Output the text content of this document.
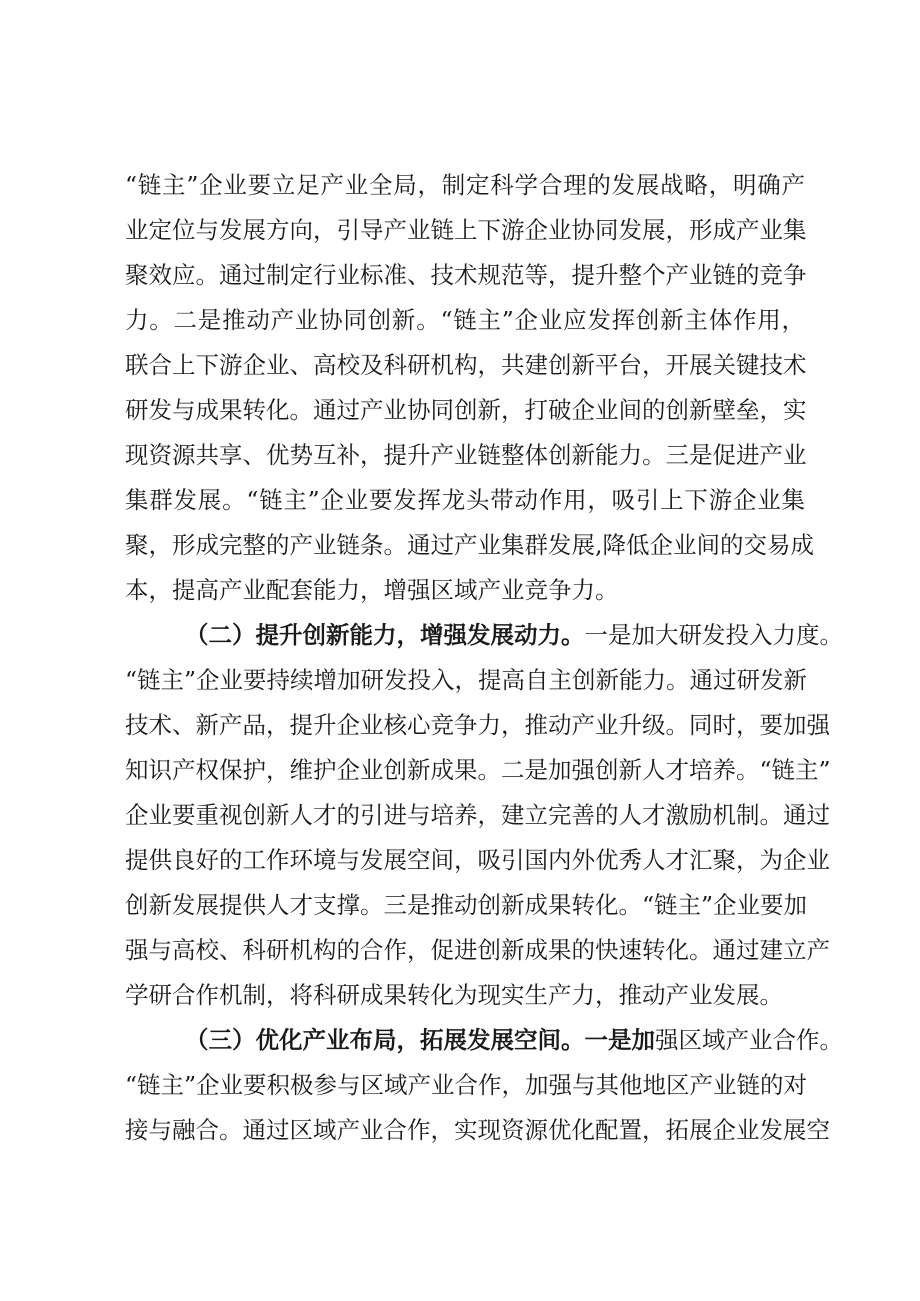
“链主”企业要立足产业全局，制定科学合理的发展战略，明确产
业定位与发展方向，引导产业链上下游企业协同发展，形成产业集
聚效应。通过制定行业标准、技术规范等，提升整个产业链的竞争
力。二是推动产业协同创新。“链主”企业应发挥创新主体作用，
联合上下游企业、高校及科研机构，共建创新平台，开展关键技术
研发与成果转化。通过产业协同创新，打破企业间的创新壁垒，实
现资源共享、优势互补，提升产业链整体创新能力。三是促进产业
集群发展。“链主”企业要发挥龙头带动作用，吸引上下游企业集
聚，形成完整的产业链条。通过产业集群发展,降低企业间的交易成
本，提高产业配套能力，增强区域产业竞争力。
（二）提升创新能力，增强发展动力。一是加大研发投入力度。
“链主”企业要持续增加研发投入，提高自主创新能力。通过研发新
技术、新产品，提升企业核心竞争力，推动产业升级。同时，要加强
知识产权保护，维护企业创新成果。二是加强创新人才培养。“链主”
企业要重视创新人才的引进与培养，建立完善的人才激励机制。通过
提供良好的工作环境与发展空间，吸引国内外优秀人才汇聚，为企业
创新发展提供人才支撑。三是推动创新成果转化。“链主”企业要加
强与高校、科研机构的合作，促进创新成果的快速转化。通过建立产
学研合作机制，将科研成果转化为现实生产力，推动产业发展。
（三）优化产业布局，拓展发展空间。一是加强区域产业合作。
“链主”企业要积极参与区域产业合作，加强与其他地区产业链的对
接与融合。通过区域产业合作，实现资源优化配置，拓展企业发展空
